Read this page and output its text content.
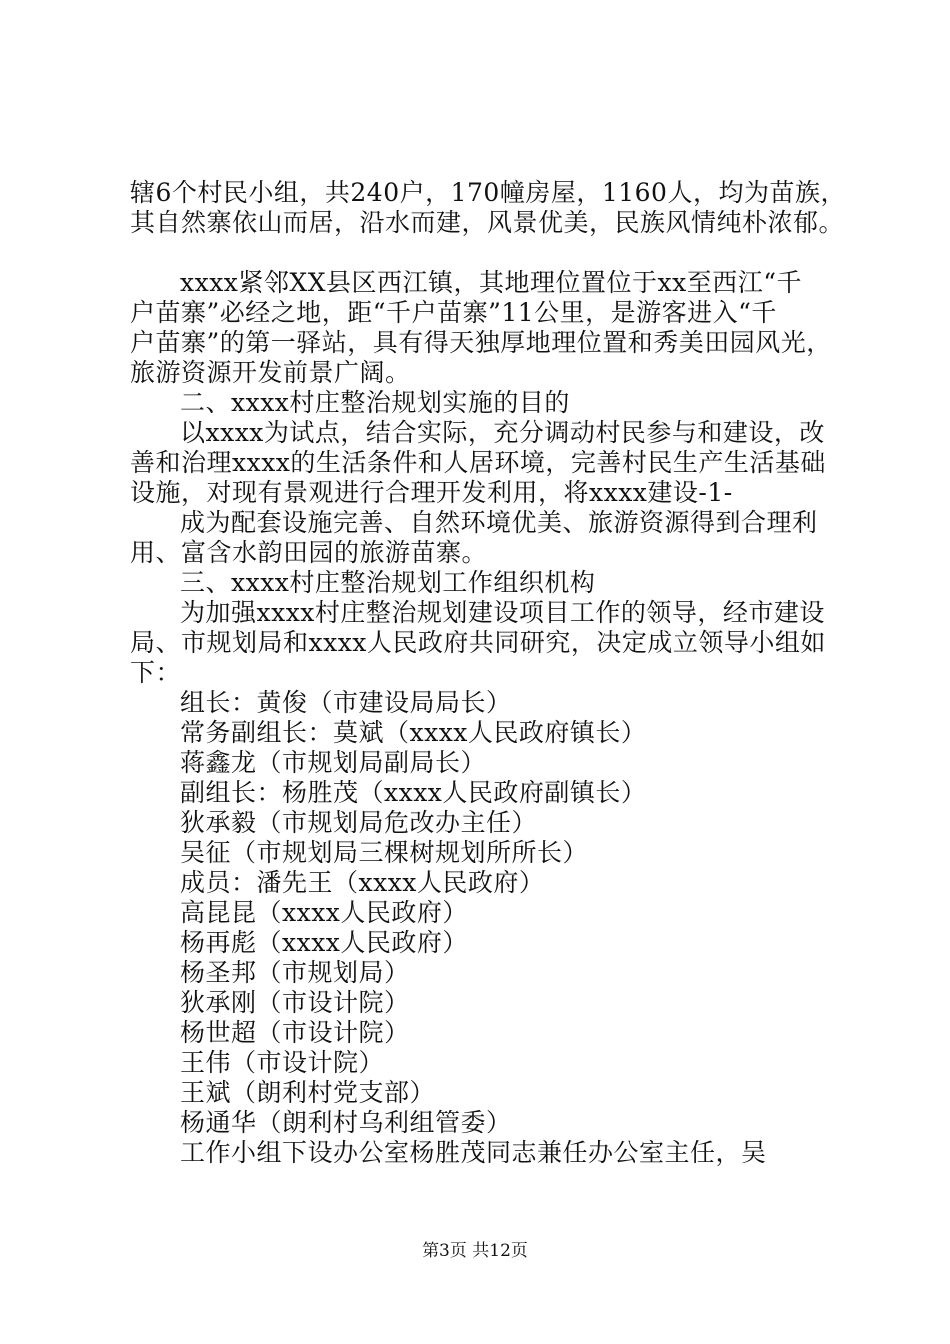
辖6个村民小组，共240户，170幢房屋，1160人，均为苗族，
其自然寨依山而居，沿水而建，风景优美，民族风情纯朴浓郁。
xxxx紧邻XX县区西江镇，其地理位置位于xx至西江“千
户苗寨”必经之地，距“千户苗寨”11公里，是游客进入“千
户苗寨”的第一驿站，具有得天独厚地理位置和秀美田园风光，
旅游资源开发前景广阔。
二、xxxx村庄整治规划实施的目的
以xxxx为试点，结合实际，充分调动村民参与和建设，改
善和治理xxxx的生活条件和人居环境，完善村民生产生活基础
设施，对现有景观进行合理开发利用，将xxxx建设-1-
成为配套设施完善、自然环境优美、旅游资源得到合理利
用、富含水韵田园的旅游苗寨。
三、xxxx村庄整治规划工作组织机构
为加强xxxx村庄整治规划建设项目工作的领导，经市建设
局、市规划局和xxxx人民政府共同研究，决定成立领导小组如
下：
组长：黄俊（市建设局局长）
常务副组长：莫斌（xxxx人民政府镇长）
蒋鑫龙（市规划局副局长）
副组长：杨胜茂（xxxx人民政府副镇长）
狄承毅（市规划局危改办主任）
吴征（市规划局三棵树规划所所长）
成员：潘先王（xxxx人民政府）
高昆昆（xxxx人民政府）
杨再彪（xxxx人民政府）
杨圣邦（市规划局）
狄承刚（市设计院）
杨世超（市设计院）
王伟（市设计院）
王斌（朗利村党支部）
杨通华（朗利村乌利组管委）
工作小组下设办公室杨胜茂同志兼任办公室主任，吴
第3页 共12页
